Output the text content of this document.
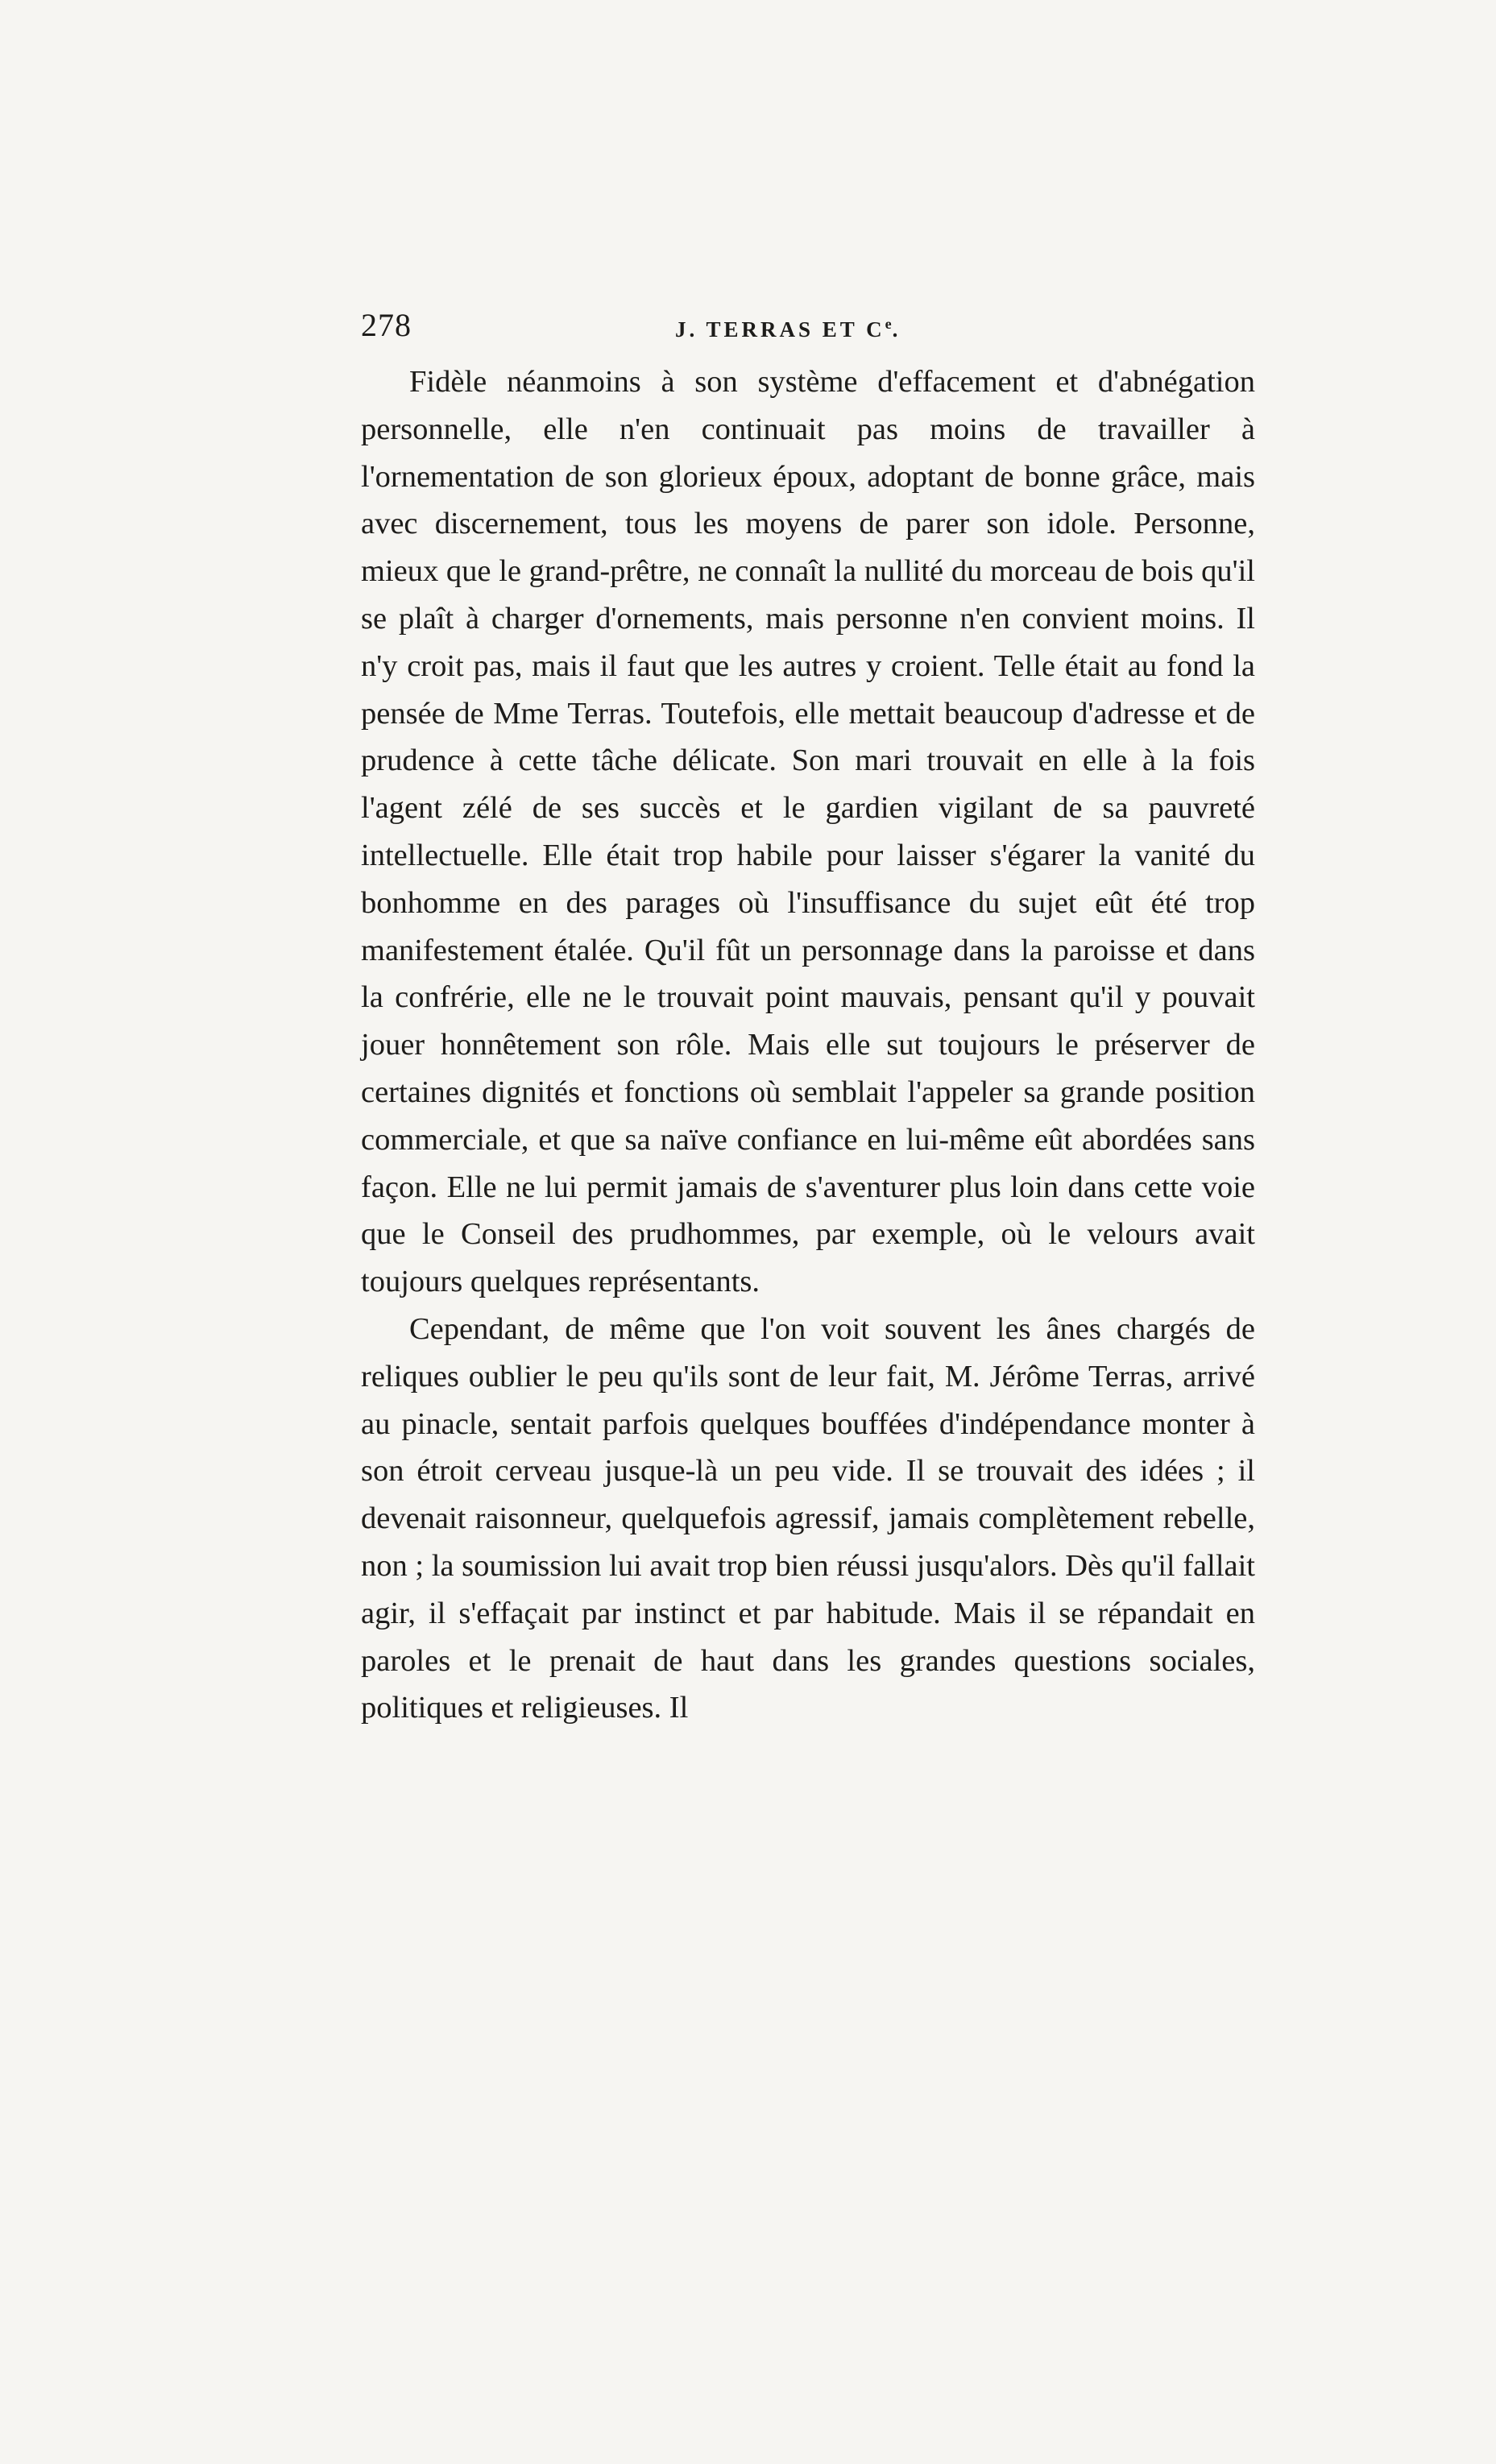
278	J. TERRAS ET Ce.

Fidèle néanmoins à son système d'effacement et d'abnégation personnelle, elle n'en continuait pas moins de travailler à l'ornementation de son glorieux époux, adoptant de bonne grâce, mais avec discernement, tous les moyens de parer son idole. Personne, mieux que le grand-prêtre, ne connaît la nullité du morceau de bois qu'il se plaît à charger d'ornements, mais personne n'en convient moins. Il n'y croit pas, mais il faut que les autres y croient. Telle était au fond la pensée de Mme Terras. Toutefois, elle mettait beaucoup d'adresse et de prudence à cette tâche délicate. Son mari trouvait en elle à la fois l'agent zélé de ses succès et le gardien vigilant de sa pauvreté intellectuelle. Elle était trop habile pour laisser s'égarer la vanité du bonhomme en des parages où l'insuffisance du sujet eût été trop manifestement étalée. Qu'il fût un personnage dans la paroisse et dans la confrérie, elle ne le trouvait point mauvais, pensant qu'il y pouvait jouer honnêtement son rôle. Mais elle sut toujours le préserver de certaines dignités et fonctions où semblait l'appeler sa grande position commerciale, et que sa naïve confiance en lui-même eût abordées sans façon. Elle ne lui permit jamais de s'aventurer plus loin dans cette voie que le Conseil des prudhommes, par exemple, où le velours avait toujours quelques représentants.

Cependant, de même que l'on voit souvent les ânes chargés de reliques oublier le peu qu'ils sont de leur fait, M. Jérôme Terras, arrivé au pinacle, sentait parfois quelques bouffées d'indépendance monter à son étroit cerveau jusque-là un peu vide. Il se trouvait des idées ; il devenait raisonneur, quelquefois agressif, jamais complètement rebelle, non ; la soumission lui avait trop bien réussi jusqu'alors. Dès qu'il fallait agir, il s'effaçait par instinct et par habitude. Mais il se répandait en paroles et le prenait de haut dans les grandes questions sociales, politiques et religieuses. Il
